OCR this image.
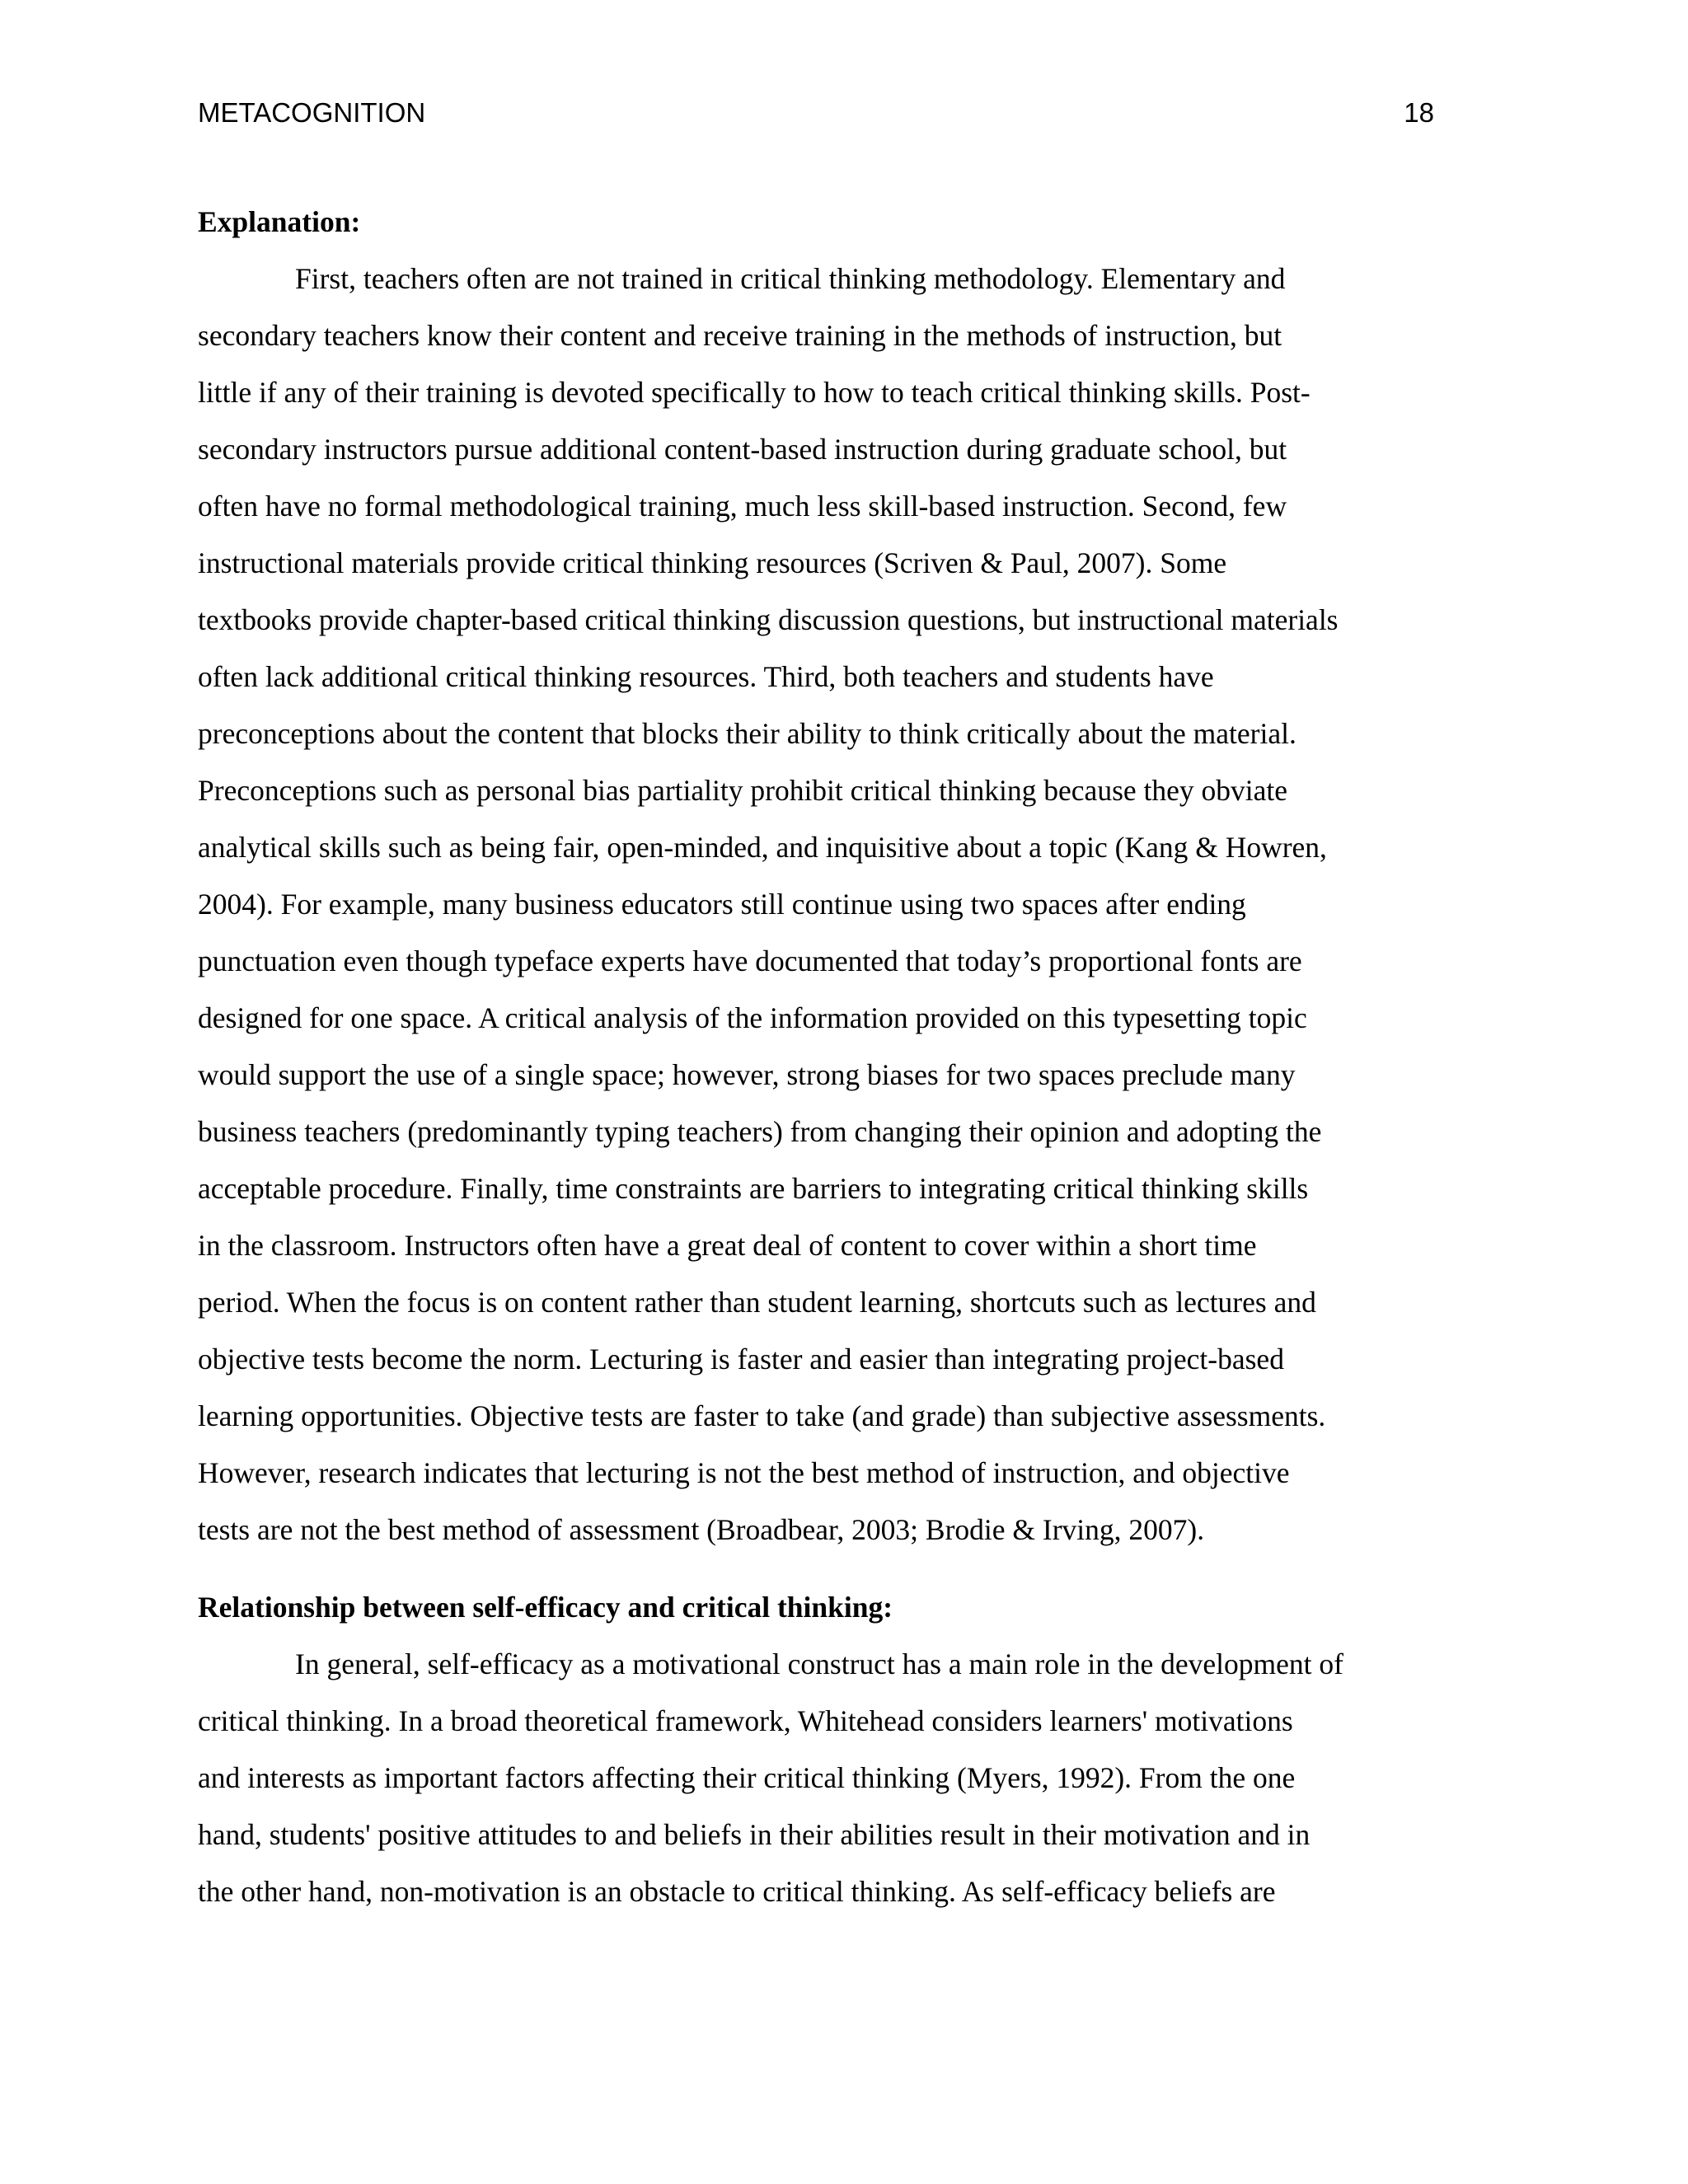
METACOGNITION	18
Explanation:
First, teachers often are not trained in critical thinking methodology. Elementary and
secondary teachers know their content and receive training in the methods of instruction, but
little if any of their training is devoted specifically to how to teach critical thinking skills. Post-
secondary instructors pursue additional content-based instruction during graduate school, but
often have no formal methodological training, much less skill-based instruction. Second, few
instructional materials provide critical thinking resources (Scriven & Paul, 2007). Some
textbooks provide chapter-based critical thinking discussion questions, but instructional materials
often lack additional critical thinking resources. Third, both teachers and students have
preconceptions about the content that blocks their ability to think critically about the material.
Preconceptions such as personal bias partiality prohibit critical thinking because they obviate
analytical skills such as being fair, open-minded, and inquisitive about a topic (Kang & Howren,
2004). For example, many business educators still continue using two spaces after ending
punctuation even though typeface experts have documented that today’s proportional fonts are
designed for one space. A critical analysis of the information provided on this typesetting topic
would support the use of a single space; however, strong biases for two spaces preclude many
business teachers (predominantly typing teachers) from changing their opinion and adopting the
acceptable procedure. Finally, time constraints are barriers to integrating critical thinking skills
in the classroom. Instructors often have a great deal of content to cover within a short time
period. When the focus is on content rather than student learning, shortcuts such as lectures and
objective tests become the norm. Lecturing is faster and easier than integrating project-based
learning opportunities. Objective tests are faster to take (and grade) than subjective assessments.
However, research indicates that lecturing is not the best method of instruction, and objective
tests are not the best method of assessment (Broadbear, 2003; Brodie & Irving, 2007).
Relationship between self-efficacy and critical thinking:
In general, self-efficacy as a motivational construct has a main role in the development of
critical thinking. In a broad theoretical framework, Whitehead considers learners' motivations
and interests as important factors affecting their critical thinking (Myers, 1992). From the one
hand, students' positive attitudes to and beliefs in their abilities result in their motivation and in
the other hand, non-motivation is an obstacle to critical thinking. As self-efficacy beliefs are
